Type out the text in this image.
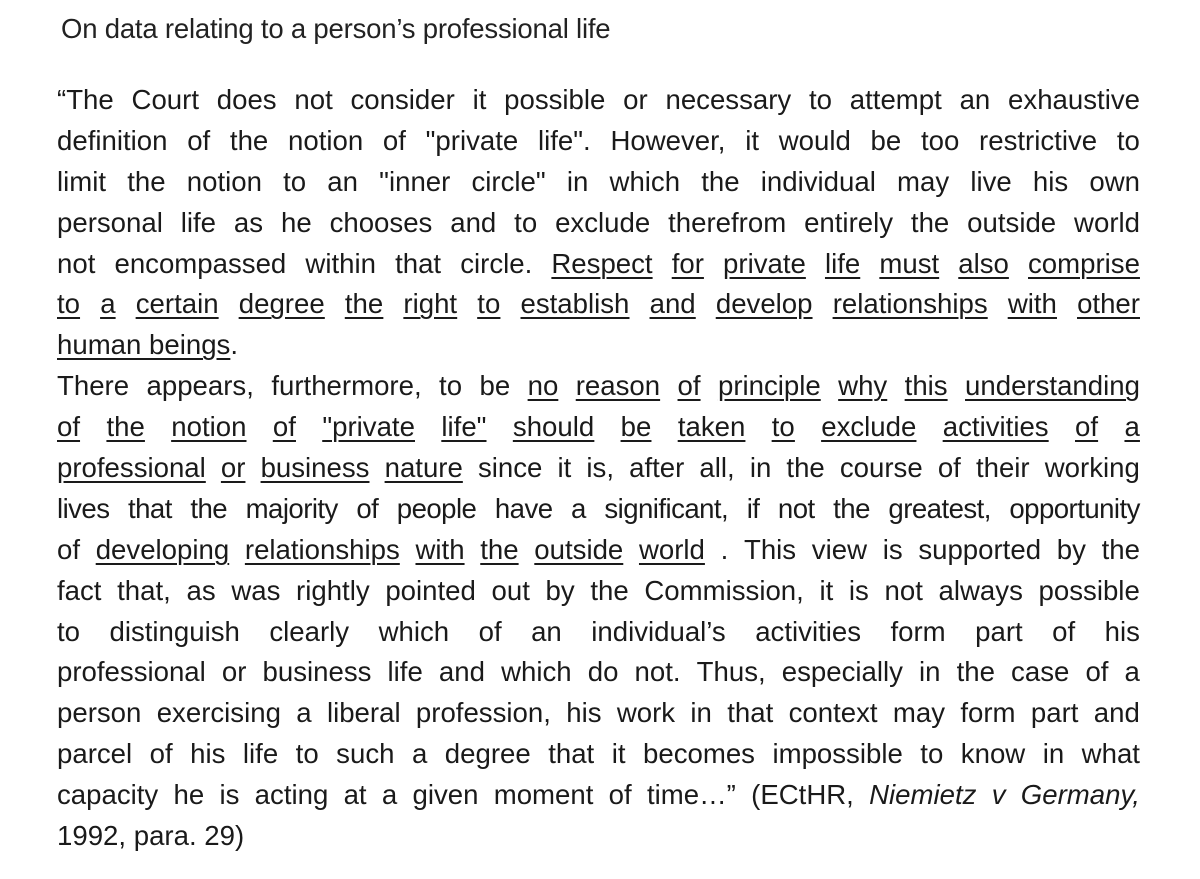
On data relating to a person’s professional life
“The Court does not consider it possible or necessary to attempt an exhaustive
definition of the notion of "private life". However, it would be too restrictive to
limit the notion to an "inner circle" in which the individual may live his own
personal life as he chooses and to exclude therefrom entirely the outside world
not encompassed within that circle. Respect for private life must also comprise
to a certain degree the right to establish and develop relationships with other
human beings.
There appears, furthermore, to be no reason of principle why this understanding
of the notion of "private life" should be taken to exclude activities of a
professional or business nature since it is, after all, in the course of their working
lives that the majority of people have a significant, if not the greatest, opportunity
of developing relationships with the outside world . This view is supported by the
fact that, as was rightly pointed out by the Commission, it is not always possible
to distinguish clearly which of an individual’s activities form part of his
professional or business life and which do not. Thus, especially in the case of a
person exercising a liberal profession, his work in that context may form part and
parcel of his life to such a degree that it becomes impossible to know in what
capacity he is acting at a given moment of time…” (ECtHR, Niemietz v Germany,
1992, para. 29)
